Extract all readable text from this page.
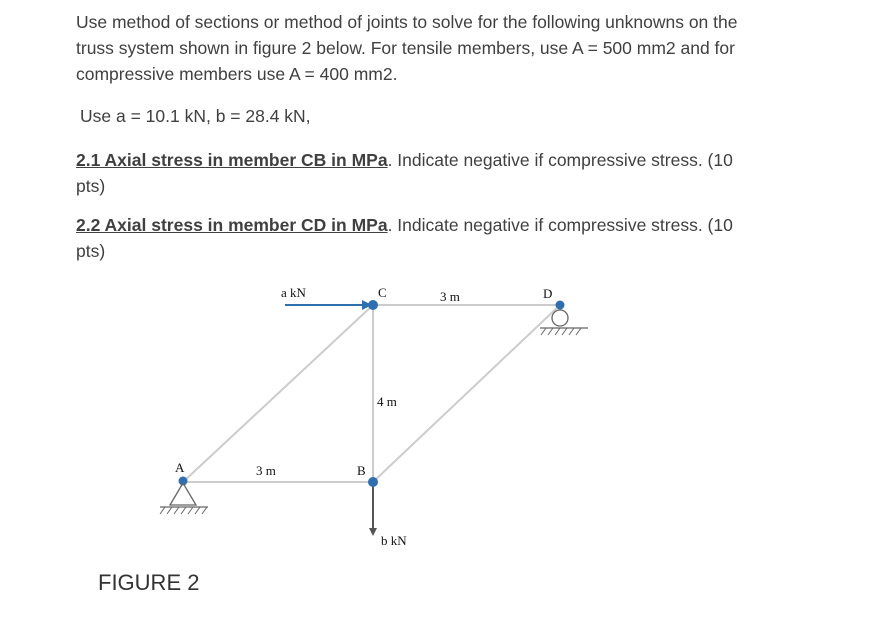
Use method of sections or method of joints to solve for the following unknowns on the
truss system shown in figure 2 below. For tensile members, use A = 500 mm2 and for
compressive members use A = 400 mm2.
Use a = 10.1 kN, b = 28.4 kN,
2.1 Axial stress in member CB in MPa. Indicate negative if compressive stress. (10
pts)
2.2 Axial stress in member CD in MPa. Indicate negative if compressive stress. (10
pts)
a kN	C	3 m	D
4 m
A	3 m	B
b kN
FIGURE 2
